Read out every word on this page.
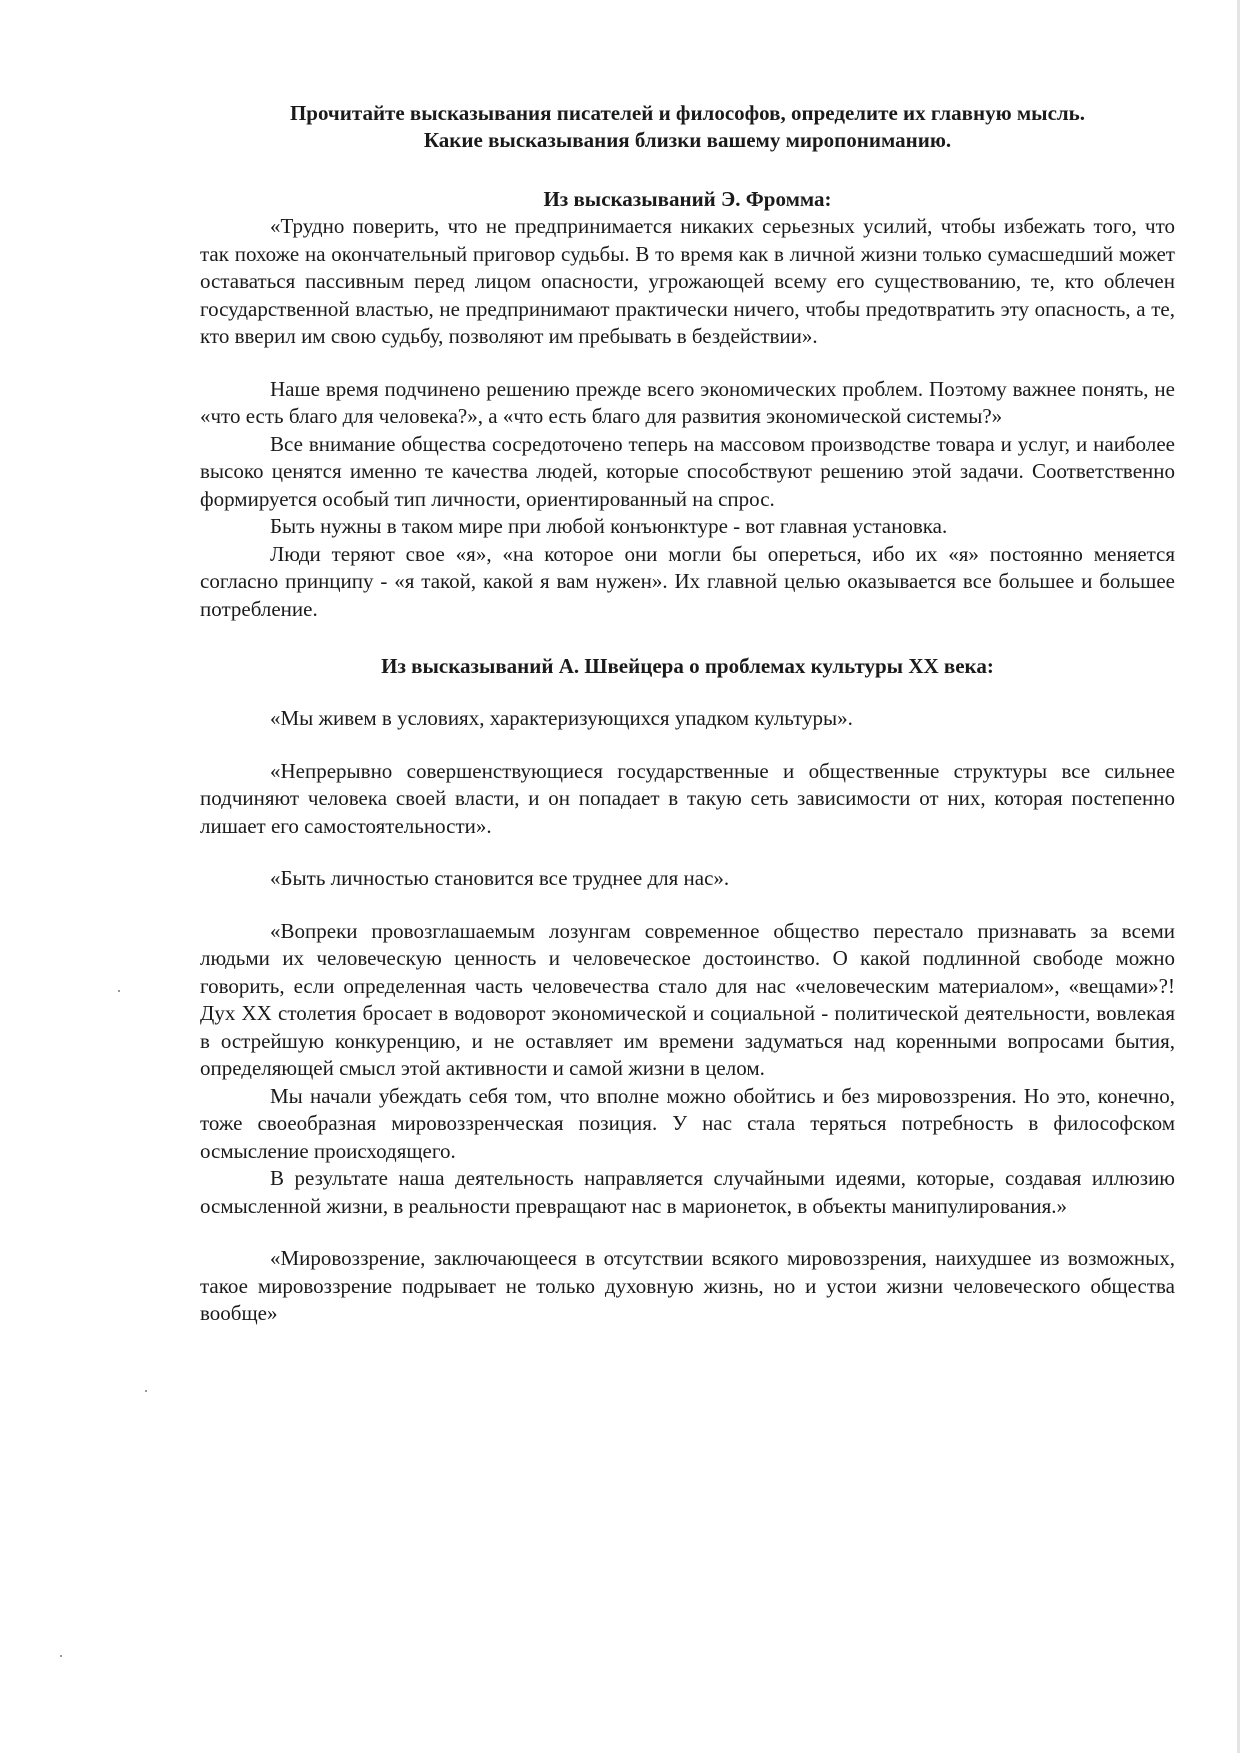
Прочитайте высказывания писателей и философов, определите их главную мысль.

Какие высказывания близки вашему миропониманию.

Из высказываний Э. Фромма:

«Трудно поверить, что не предпринимается никаких серьезных усилий, чтобы избежать того, что так похоже на окончательный приговор судьбы. В то время как в личной жизни только сумасшедший может оставаться пассивным перед лицом опасности, угрожающей всему его существованию, те, кто облечен государственной властью, не предпринимают практически ничего, чтобы предотвратить эту опасность, а те, кто вверил им свою судьбу, позволяют им пребывать в бездействии».

Наше время подчинено решению прежде всего экономических проблем. Поэтому важнее понять, не «что есть благо для человека?», а «что есть благо для развития экономической системы?»

Все внимание общества сосредоточено теперь на массовом производстве товара и услуг, и наиболее высоко ценятся именно те качества людей, которые способствуют решению этой задачи. Соответственно формируется особый тип личности, ориентированный на спрос.

Быть нужны в таком мире при любой конъюнктуре - вот главная установка.

Люди теряют свое «я», «на которое они могли бы опереться, ибо их «я» постоянно меняется согласно принципу - «я такой, какой я вам нужен». Их главной целью оказывается все большее и большее потребление.

Из высказываний А. Швейцера о проблемах культуры XX века:

«Мы живем в условиях, характеризующихся упадком культуры».

«Непрерывно совершенствующиеся государственные и общественные структуры все сильнее подчиняют человека своей власти, и он попадает в такую сеть зависимости от них, которая постепенно лишает его самостоятельности».

«Быть личностью становится все труднее для нас».

«Вопреки провозглашаемым лозунгам современное общество перестало признавать за всеми людьми их человеческую ценность и человеческое достоинство. О какой подлинной свободе можно говорить, если определенная часть человечества стало для нас «человеческим материалом», «вещами»?! Дух XX столетия бросает в водоворот экономической и социальной - политической деятельности, вовлекая в острейшую конкуренцию, и не оставляет им времени задуматься над коренными вопросами бытия, определяющей смысл этой активности и самой жизни в целом.

Мы начали убеждать себя том, что вполне можно обойтись и без мировоззрения. Но это, конечно, тоже своеобразная мировоззренческая позиция. У нас стала теряться потребность в философском осмысление происходящего.

В результате наша деятельность направляется случайными идеями, которые, создавая иллюзию осмысленной жизни, в реальности превращают нас в марионеток, в объекты манипулирования.»

«Мировоззрение, заключающееся в отсутствии всякого мировоззрения, наихудшее из возможных, такое мировоззрение подрывает не только духовную жизнь, но и устои жизни человеческого общества вообще»
